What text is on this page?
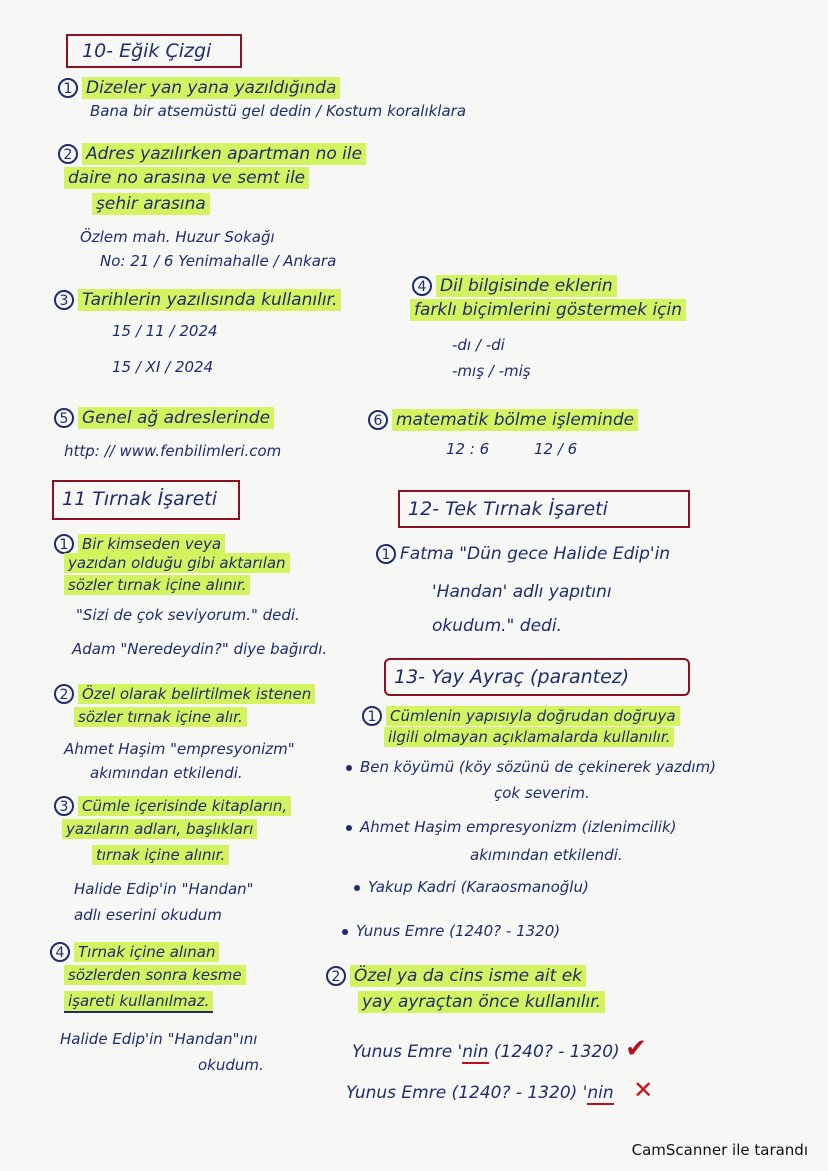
10- Eğik Çizgi
1 Dizeler yan yana yazıldığında
Bana bir atsemüstü gel dedin / Kostum koralıklara
2 Adres yazılırken apartman no ile
daire no arasına ve semt ile
şehir arasına
Özlem mah. Huzur Sokağı
No: 21 / 6 Yenimahalle / Ankara
3 Tarihlerin yazılısında kullanılır.
15 / 11 / 2024
15 / XI / 2024
4 Dil bilgisinde eklerin
farklı biçimlerini göstermek için
-dı / -di
-mış / -miş
5 Genel ağ adreslerinde
http: // www.fenbilimleri.com
6 matematik bölme işleminde
12 : 6	12 / 6
11 Tırnak İşareti
1 Bir kimseden veya
yazıdan olduğu gibi aktarılan
sözler tırnak içine alınır.
"Sizi de çok seviyorum." dedi.
Adam "Neredeydin?" diye bağırdı.
2 Özel olarak belirtilmek istenen
sözler tırnak içine alır.
Ahmet Haşim "empresyonizm"
akımından etkilendi.
3 Cümle içerisinde kitapların,
yazıların adları, başlıkları
tırnak içine alınır.
Halide Edip'in "Handan"
adlı eserini okudum
4 Tırnak içine alınan
sözlerden sonra kesme
işareti kullanılmaz.
Halide Edip'in "Handan"ını
okudum.
12- Tek Tırnak İşareti
1 Fatma "Dün gece Halide Edip'in
'Handan' adlı yapıtını
okudum." dedi.
13- Yay Ayraç (parantez)
1 Cümlenin yapısıyla doğrudan doğruya
ilgili olmayan açıklamalarda kullanılır.
Ben köyümü (köy sözünü de çekinerek yazdım)
çok severim.
Ahmet Haşim empresyonizm (izlenimcilik)
akımından etkilendi.
Yakup Kadri (Karaosmanoğlu)
Yunus Emre (1240? - 1320)
2 Özel ya da cins isme ait ek
yay ayraçtan önce kullanılır.
Yunus Emre 'nin (1240? - 1320) ✔
Yunus Emre (1240? - 1320) 'nin ✕
CamScanner ile tarandı
